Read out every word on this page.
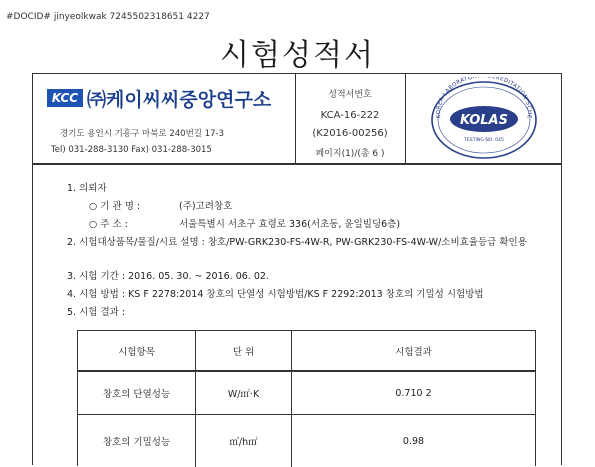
#DOCID# jinyeolkwak 7245502318651 4227
시험성적서
KCC ㈜케이씨씨중앙연구소
경기도 용인시 기흥구 마북로 240번길 17-3
Tel) 031-288-3130 Fax) 031-288-3015
성적서번호
KCA-16-222
(K2016-00256)
페이지(1)/(총 6 )
KOREA LABORATOR CREDITATION SCHE
KOLAS
TESTING NO. 045
1. 의뢰자
○ 기 관 명 :	(주)고려창호
○ 주 소 :	서울특별시 서초구 효령로 336(서초동, 윤일빌딩6층)
2. 시험대상품목/물질/시료 설명 : 창호/PW-GRK230-FS-4W-R, PW-GRK230-FS-4W-W/소비효율등급 확인용
3. 시험 기간 : 2016. 05. 30. ~ 2016. 06. 02.
4. 시험 방법 : KS F 2278:2014 창호의 단열성 시험방법/KS F 2292:2013 창호의 기밀성 시험방법
5. 시험 결과 :
시험항목	단 위	시험결과
창호의 단열성능	W/㎡·K	0.710 2
창호의 기밀성능	㎥/h㎡	0.98
